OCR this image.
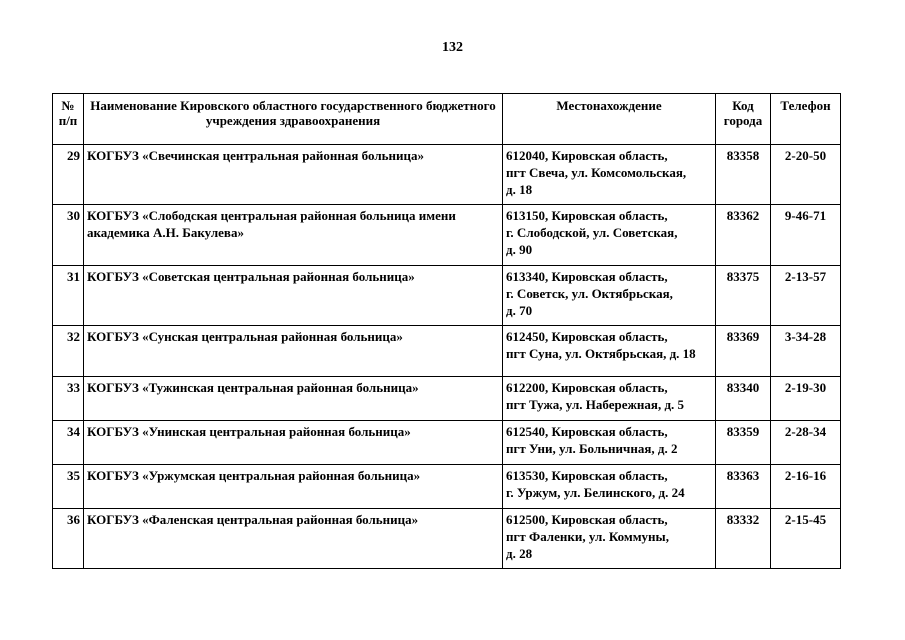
132
№ п/п	Наименование Кировского областного государственного бюджетного учреждения здравоохранения	Местонахождение	Код города	Телефон
29	КОГБУЗ «Свечинская центральная районная больница»	612040, Кировская область,
пгт Свеча, ул. Комсомольская,
д. 18	83358	2-20-50
30	КОГБУЗ «Слободская центральная районная больница имени академика А.Н. Бакулева»	613150, Кировская область,
г. Слободской, ул. Советская,
д. 90	83362	9-46-71
31	КОГБУЗ «Советская центральная районная больница»	613340, Кировская область,
г. Советск, ул. Октябрьская,
д. 70	83375	2-13-57
32	КОГБУЗ «Сунская центральная районная больница»	612450, Кировская область,
пгт Суна, ул. Октябрьская, д. 18	83369	3-34-28
33	КОГБУЗ «Тужинская центральная районная больница»	612200, Кировская область,
пгт Тужа, ул. Набережная, д. 5	83340	2-19-30
34	КОГБУЗ «Унинская центральная районная больница»	612540, Кировская область,
пгт Уни, ул. Больничная, д. 2	83359	2-28-34
35	КОГБУЗ «Уржумская центральная районная больница»	613530, Кировская область,
г. Уржум, ул. Белинского, д. 24	83363	2-16-16
36	КОГБУЗ «Фаленская центральная районная больница»	612500, Кировская область,
пгт Фаленки, ул. Коммуны,
д. 28	83332	2-15-45
